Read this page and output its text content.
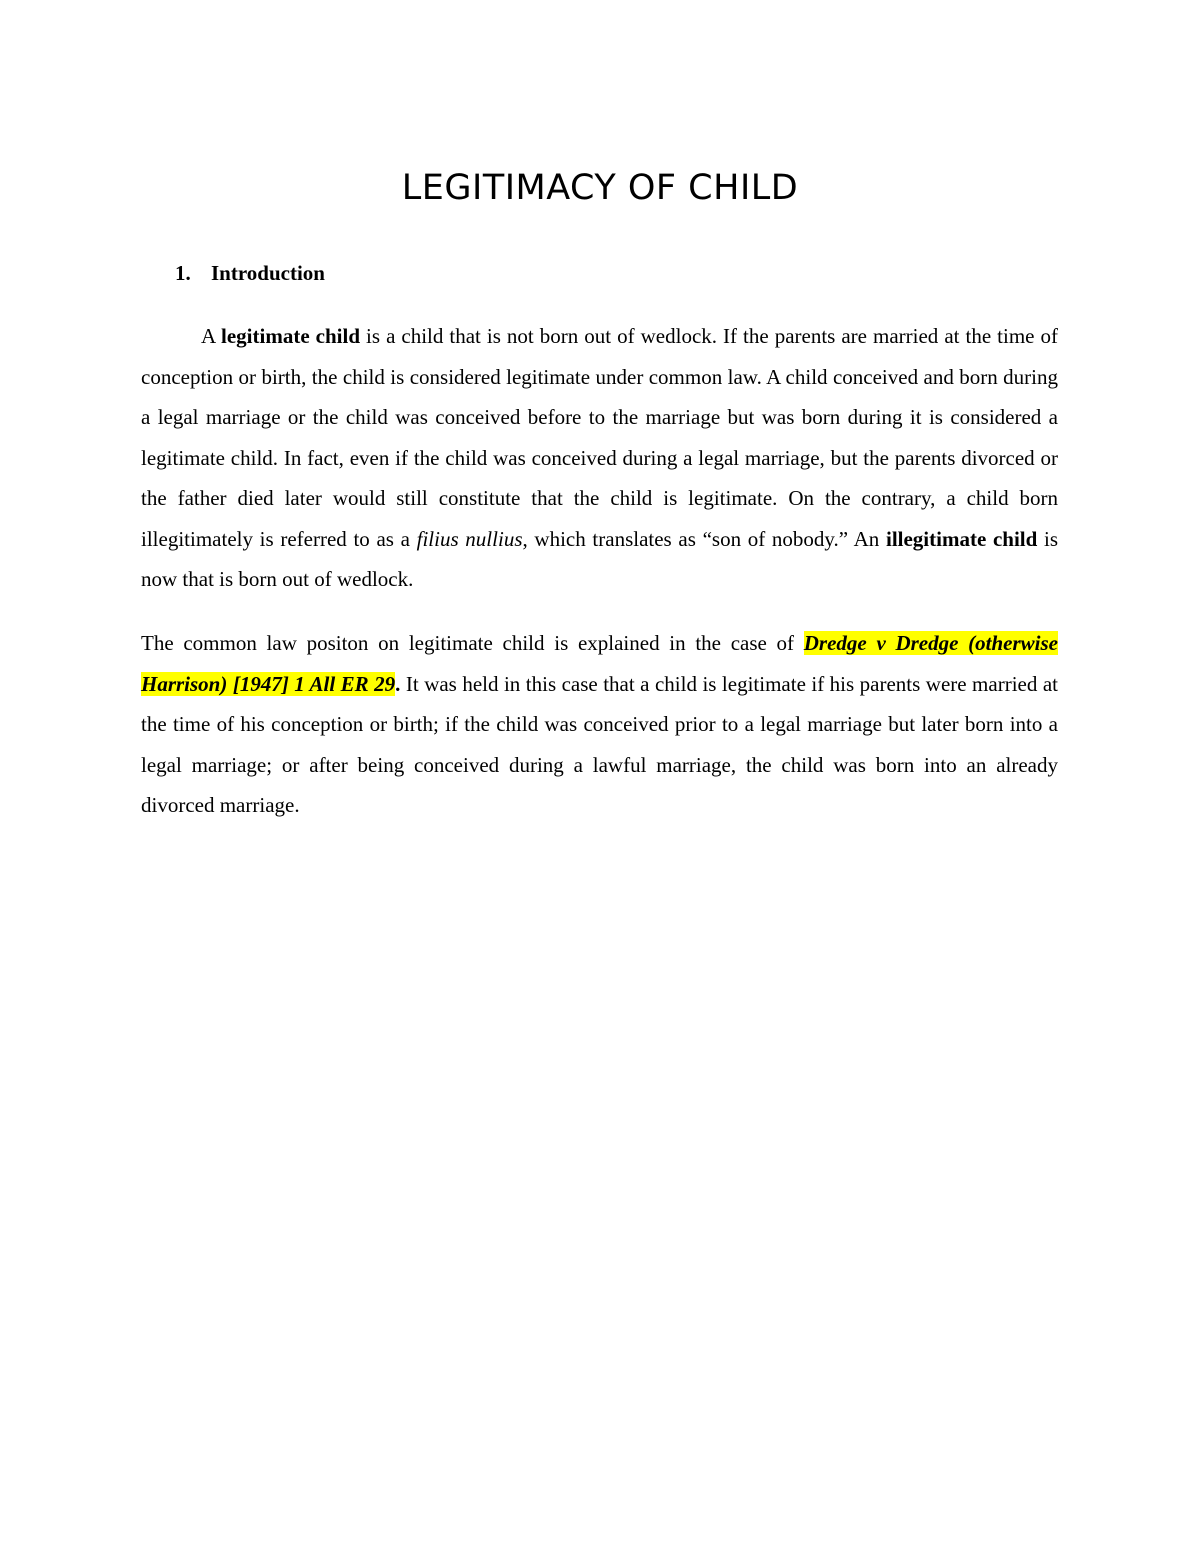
LEGITIMACY OF CHILD
1. Introduction

A legitimate child is a child that is not born out of wedlock. If the parents are married at the time of conception or birth, the child is considered legitimate under common law. A child conceived and born during a legal marriage or the child was conceived before to the marriage but was born during it is considered a legitimate child. In fact, even if the child was conceived during a legal marriage, but the parents divorced or the father died later would still constitute that the child is legitimate. On the contrary, a child born illegitimately is referred to as a filius nullius, which translates as “son of nobody.” An illegitimate child is now that is born out of wedlock.

The common law positon on legitimate child is explained in the case of Dredge v Dredge (otherwise Harrison) [1947] 1 All ER 29. It was held in this case that a child is legitimate if his parents were married at the time of his conception or birth; if the child was conceived prior to a legal marriage but later born into a legal marriage; or after being conceived during a lawful marriage, the child was born into an already divorced marriage.
